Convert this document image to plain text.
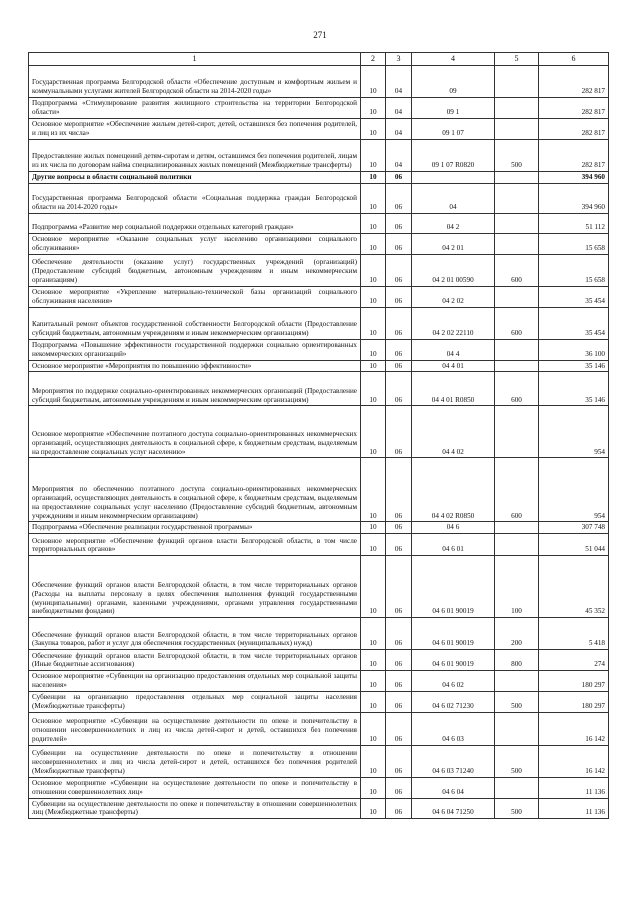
271
1	2	3	4	5	6
Государственная программа Белгородской области «Обеспечение доступным и комфортным жильем и коммунальными услугами жителей Белгородской области на 2014-2020 годы»	10	04	09		282 817
Подпрограмма «Стимулирование развития жилищного строительства на территории Белгородской области»	10	04	09 1		282 817
Основное мероприятие «Обеспечение жильем детей-сирот, детей, оставшихся без попечения родителей, и лиц из их числа»	10	04	09 1 07		282 817
Предоставление жилых помещений детям-сиротам и детям, оставшимся без попечения родителей, лицам из их числа по договорам найма специализированных жилых помещений (Межбюджетные трансферты)	10	04	09 1 07 R0820	500	282 817
Другие вопросы в области социальной политики	10	06			394 960
Государственная программа Белгородской области «Социальная поддержка граждан Белгородской области на 2014-2020 годы»	10	06	04		394 960
Подпрограмма «Развитие мер социальной поддержки отдельных категорий граждан»	10	06	04 2		51 112
Основное мероприятие «Оказание социальных услуг населению организациями социального обслуживания»	10	06	04 2 01		15 658
Обеспечение деятельности (оказание услуг) государственных учреждений (организаций) (Предоставление субсидий бюджетным, автономным учреждениям и иным некоммерческим организациям)	10	06	04 2 01 00590	600	15 658
Основное мероприятие «Укрепление материально-технической базы организаций социального обслуживания населения»	10	06	04 2 02		35 454
Капитальный ремонт объектов государственной собственности Белгородской области (Предоставление субсидий бюджетным, автономным учреждениям и иным некоммерческим организациям)	10	06	04 2 02 22110	600	35 454
Подпрограмма «Повышение эффективности государственной поддержки социально ориентированных некоммерческих организаций»	10	06	04 4		36 100
Основное мероприятие «Мероприятия по повышению эффективности»	10	06	04 4 01		35 146
Мероприятия по поддержке социально-ориентированных некоммерческих организаций (Предоставление субсидий бюджетным, автономным учреждениям и иным некоммерческим организациям)	10	06	04 4 01 R0850	600	35 146
Основное мероприятие «Обеспечение поэтапного доступа социально-ориентированных некоммерческих организаций, осуществляющих деятельность в социальной сфере, к бюджетным средствам, выделяемым на предоставление социальных услуг населению»	10	06	04 4 02		954
Мероприятия по обеспечению поэтапного доступа социально-ориентированных некоммерческих организаций, осуществляющих деятельность в социальной сфере, к бюджетным средствам, выделяемым на предоставление социальных услуг населению (Предоставление субсидий бюджетным, автономным учреждениям и иным некоммерческим организациям)	10	06	04 4 02 R0850	600	954
Подпрограмма «Обеспечение реализации государственной программы»	10	06	04 6		307 748
Основное мероприятие «Обеспечение функций органов власти Белгородской области, в том числе территориальных органов»	10	06	04 6 01		51 044
Обеспечение функций органов власти Белгородской области, в том числе территориальных органов (Расходы на выплаты персоналу в целях обеспечения выполнения функций государственными (муниципальными) органами, казенными учреждениями, органами управления государственными внебюджетными фондами)	10	06	04 6 01 90019	100	45 352
Обеспечение функций органов власти Белгородской области, в том числе территориальных органов (Закупка товаров, работ и услуг для обеспечения государственных (муниципальных) нужд)	10	06	04 6 01 90019	200	5 418
Обеспечение функций органов власти Белгородской области, в том числе территориальных органов (Иные бюджетные ассигнования)	10	06	04 6 01 90019	800	274
Основное мероприятие «Субвенции на организацию предоставления отдельных мер социальной защиты населения»	10	06	04 6 02		180 297
Субвенции на организацию предоставления отдельных мер социальной защиты населения (Межбюджетные трансферты)	10	06	04 6 02 71230	500	180 297
Основное мероприятие «Субвенции на осуществление деятельности по опеке и попечительству в отношении несовершеннолетних и лиц из числа детей-сирот и детей, оставшихся без попечения родителей»	10	06	04 6 03		16 142
Субвенции на осуществление деятельности по опеке и попечительству в отношении несовершеннолетних и лиц из числа детей-сирот и детей, оставшихся без попечения родителей (Межбюджетные трансферты)	10	06	04 6 03 71240	500	16 142
Основное мероприятие «Субвенции на осуществление деятельности по опеке и попечительству в отношении совершеннолетних лиц»	10	06	04 6 04		11 136
Субвенции на осуществление деятельности по опеке и попечительству в отношении совершеннолетних лиц (Межбюджетные трансферты)	10	06	04 6 04 71250	500	11 136
